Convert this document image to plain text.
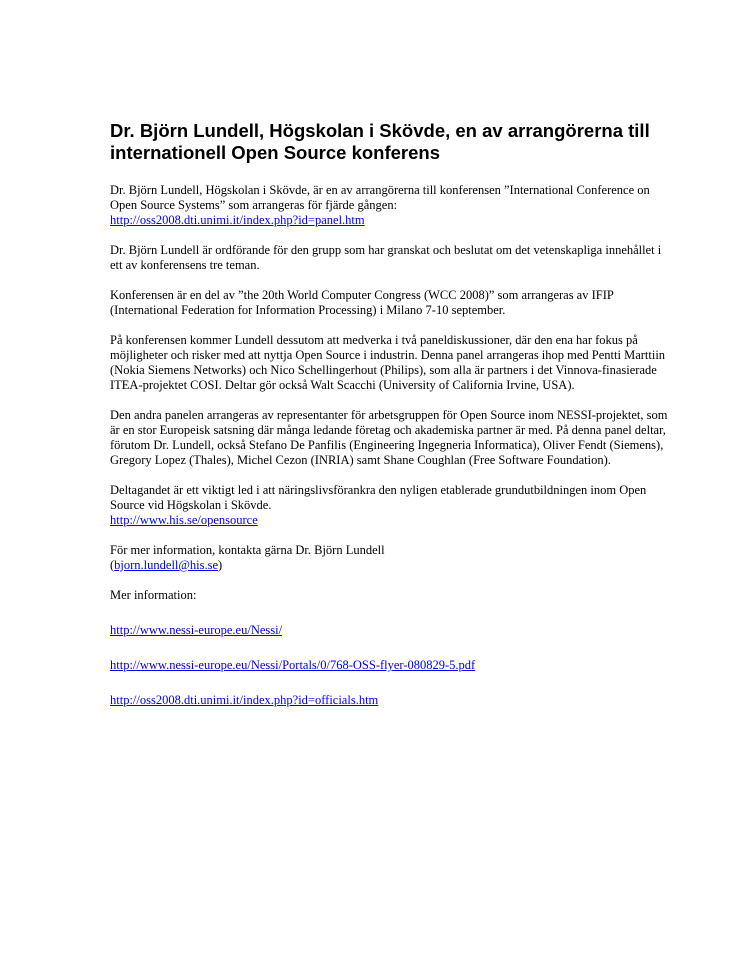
Dr. Björn Lundell, Högskolan i Skövde, en av arrangörerna till internationell Open Source konferens

Dr. Björn Lundell, Högskolan i Skövde, är en av arrangörerna till konferensen ”International Conference on Open Source Systems” som arrangeras för fjärde gången:
http://oss2008.dti.unimi.it/index.php?id=panel.htm

Dr. Björn Lundell är ordförande för den grupp som har granskat och beslutat om det vetenskapliga innehållet i ett av konferensens tre teman.

Konferensen är en del av ”the 20th World Computer Congress (WCC 2008)” som arrangeras av IFIP (International Federation for Information Processing) i Milano 7-10 september.

På konferensen kommer Lundell dessutom att medverka i två paneldiskussioner, där den ena har fokus på möjligheter och risker med att nyttja Open Source i industrin. Denna panel arrangeras ihop med Pentti Marttiin (Nokia Siemens Networks) och Nico Schellingerhout (Philips), som alla är partners i det Vinnova-finasierade ITEA-projektet COSI. Deltar gör också Walt Scacchi (University of California Irvine, USA).

Den andra panelen arrangeras av representanter för arbetsgruppen för Open Source inom NESSI-projektet, som är en stor Europeisk satsning där många ledande företag och akademiska partner är med. På denna panel deltar, förutom Dr. Lundell, också Stefano De Panfilis (Engineering Ingegneria Informatica), Oliver Fendt (Siemens), Gregory Lopez (Thales), Michel Cezon (INRIA) samt Shane Coughlan (Free Software Foundation).

Deltagandet är ett viktigt led i att näringslivsförankra den nyligen etablerade grundutbildningen inom Open Source vid Högskolan i Skövde.
http://www.his.se/opensource

För mer information, kontakta gärna Dr. Björn Lundell
(bjorn.lundell@his.se)

Mer information:

http://www.nessi-europe.eu/Nessi/

http://www.nessi-europe.eu/Nessi/Portals/0/768-OSS-flyer-080829-5.pdf

http://oss2008.dti.unimi.it/index.php?id=officials.htm
